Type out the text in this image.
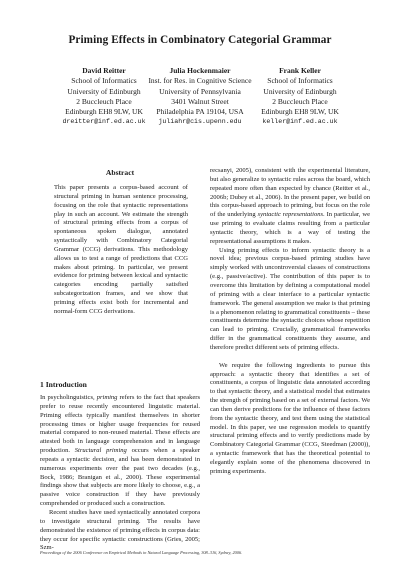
Priming Effects in Combinatory Categorial Grammar
David Reitter
School of Informatics
University of Edinburgh
2 Buccleuch Place
Edinburgh EH8 9LW, UK
dreitter@inf.ed.ac.uk
Julia Hockenmaier
Inst. for Res. in Cognitive Science
University of Pennsylvania
3401 Walnut Street
Philadelphia PA 19104, USA
juliahr@cis.upenn.edu
Frank Keller
School of Informatics
University of Edinburgh
2 Buccleuch Place
Edinburgh EH8 9LW, UK
keller@inf.ed.ac.uk
Abstract

This paper presents a corpus-based account of structural priming in human sentence processing, focusing on the role that syntactic representations play in such an account. We estimate the strength of structural priming effects from a corpus of spontaneous spoken dialogue, annotated syntactically with Combinatory Categorial Grammar (CCG) derivations. This methodology allows us to test a range of predictions that CCG makes about priming. In particular, we present evidence for priming between lexical and syntactic categories encoding partially satisfied subcategorization frames, and we show that priming effects exist both for incremental and normal-form CCG derivations.

1 Introduction

In psycholinguistics, priming refers to the fact that speakers prefer to reuse recently encountered linguistic material. Priming effects typically manifest themselves in shorter processing times or higher usage frequencies for reused material compared to non-reused material. These effects are attested both in language comprehension and in language production. Structural priming occurs when a speaker repeats a syntactic decision, and has been demonstrated in numerous experiments over the past two decades (e.g., Bock, 1986; Branigan et al., 2000). These experimental findings show that subjects are more likely to choose, e.g., a passive voice construction if they have previously comprehended or produced such a construction.

Recent studies have used syntactically annotated corpora to investigate structural priming. The results have demonstrated the existence of priming effects in corpus data: they occur for specific syntactic constructions (Gries, 2005; Szm-

recsanyi, 2005), consistent with the experimental literature, but also generalize to syntactic rules across the board, which repeated more often than expected by chance (Reitter et al., 2006b; Dubey et al., 2006). In the present paper, we build on this corpus-based approach to priming, but focus on the role of the underlying syntactic representations. In particular, we use priming to evaluate claims resulting from a particular syntactic theory, which is a way of testing the representational assumptions it makes.

Using priming effects to inform syntactic theory is a novel idea; previous corpus-based priming studies have simply worked with uncontroversial classes of constructions (e.g., passive/active). The contribution of this paper is to overcome this limitation by defining a computational model of priming with a clear interface to a particular syntactic framework. The general assumption we make is that priming is a phenomenon relating to grammatical constituents – these constituents determine the syntactic choices whose repetition can lead to priming. Crucially, grammatical frameworks differ in the grammatical constituents they assume, and therefore predict different sets of priming effects.

We require the following ingredients to pursue this approach: a syntactic theory that identifies a set of constituents, a corpus of linguistic data annotated according to that syntactic theory, and a statistical model that estimates the strength of priming based on a set of external factors. We can then derive predictions for the influence of these factors from the syntactic theory, and test them using the statistical model. In this paper, we use regression models to quantify structural priming effects and to verify predictions made by Combinatory Categorial Grammar (CCG, Steedman (2000)), a syntactic framework that has the theoretical potential to elegantly explain some of the phenomena discovered in priming experiments.

Proceedings of the 2006 Conference on Empirical Methods in Natural Language Processing, 308–316, Sydney, 2006.
